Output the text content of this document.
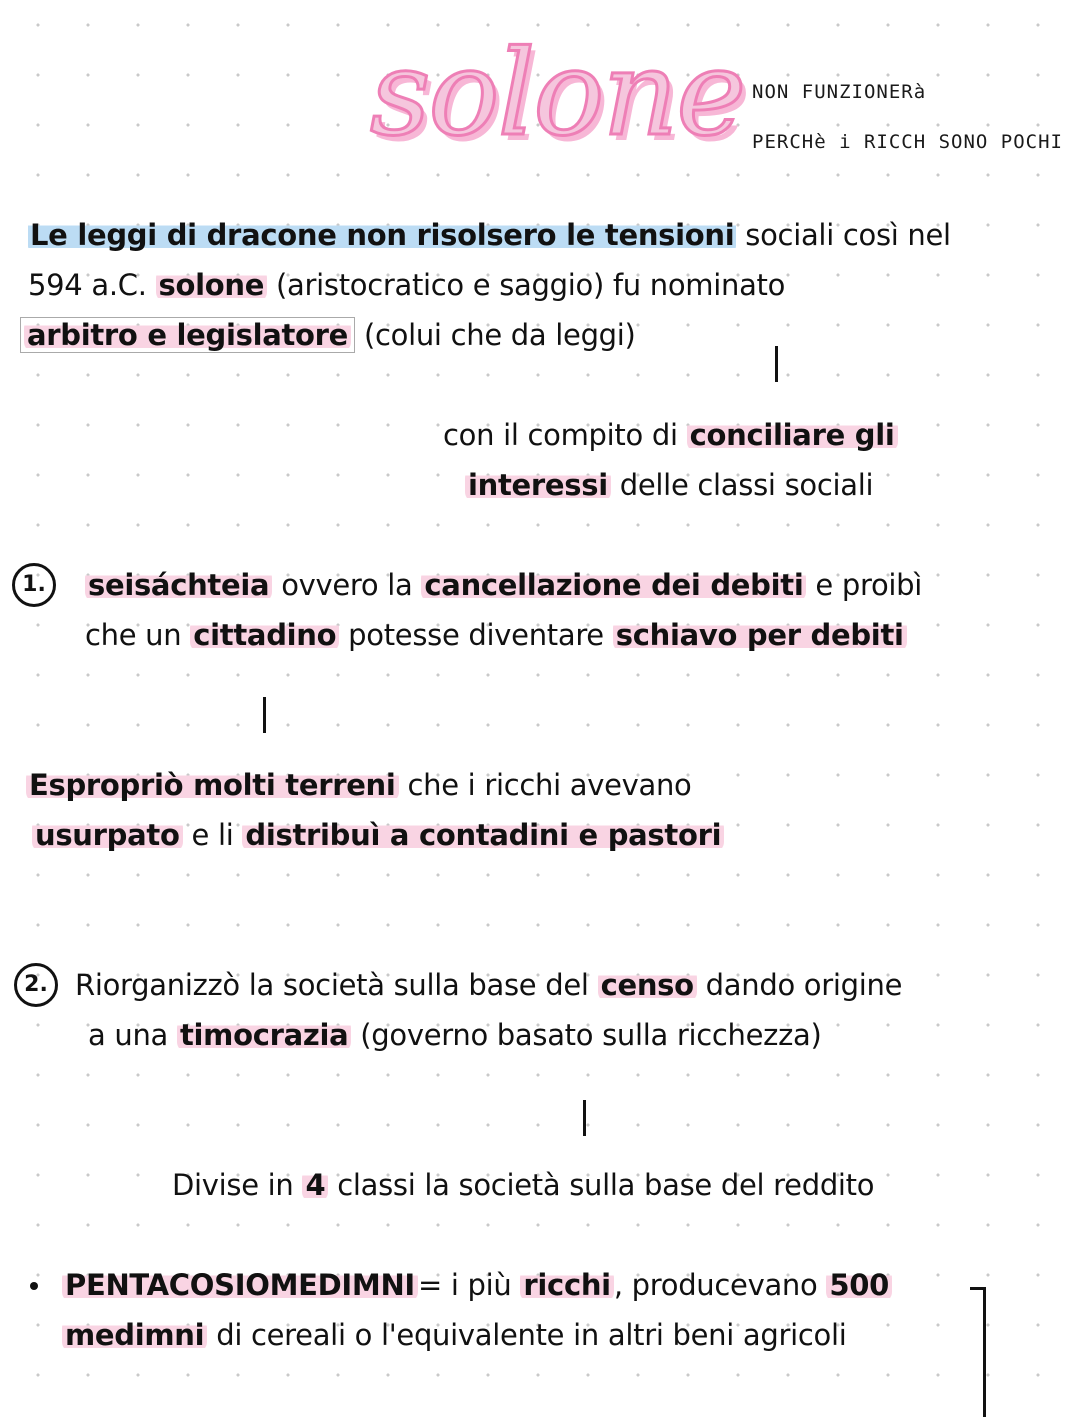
solone NON FUNZIONERà
PERCHè i RICCH SONO POCHI
Le leggi di dracone non risolsero le tensioni sociali così nel
594 a.C. solone (aristocratico e saggio) fu nominato
arbitro e legislatore (colui che da leggi)
con il compito di conciliare gli
interessi delle classi sociali
1.	seisáchteia ovvero la cancellazione dei debiti e proibì
che un cittadino potesse diventare schiavo per debiti
Espropriò molti terreni che i ricchi avevano
usurpato e li distribuì a contadini e pastori
2. Riorganizzò la società sulla base del censo dando origine
a una timocrazia (governo basato sulla ricchezza)
Divise in 4 classi la società sulla base del reddito
PENTACOSIOMEDIMNI = i più ricchi , producevano 500
medimni di cereali o l'equivalente in altri beni agricoli
